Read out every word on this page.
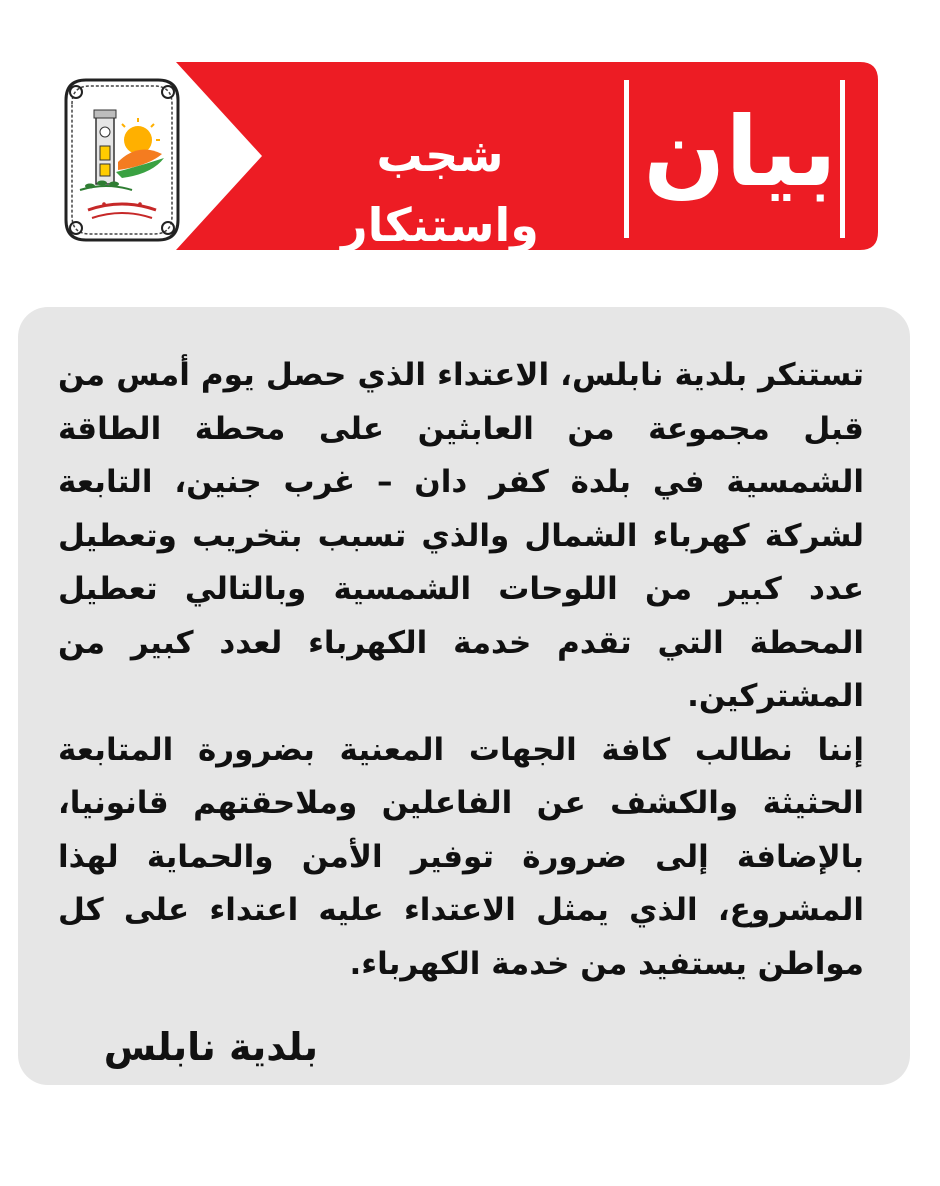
بيان
شجب واستنكار

تستنكر بلدية نابلس، الاعتداء الذي حصل يوم أمس من قبل مجموعة من العابثين على محطة الطاقة الشمسية في بلدة كفر دان – غرب جنين، التابعة لشركة كهرباء الشمال والذي تسبب بتخريب وتعطيل عدد كبير من اللوحات الشمسية وبالتالي تعطيل المحطة التي تقدم خدمة الكهرباء لعدد كبير من المشتركين.

إننا نطالب كافة الجهات المعنية بضرورة المتابعة الحثيثة والكشف عن الفاعلين وملاحقتهم قانونيا، بالإضافة إلى ضرورة توفير الأمن والحماية لهذا المشروع، الذي يمثل الاعتداء عليه اعتداء على كل مواطن يستفيد من خدمة الكهرباء.

بلدية نابلس
